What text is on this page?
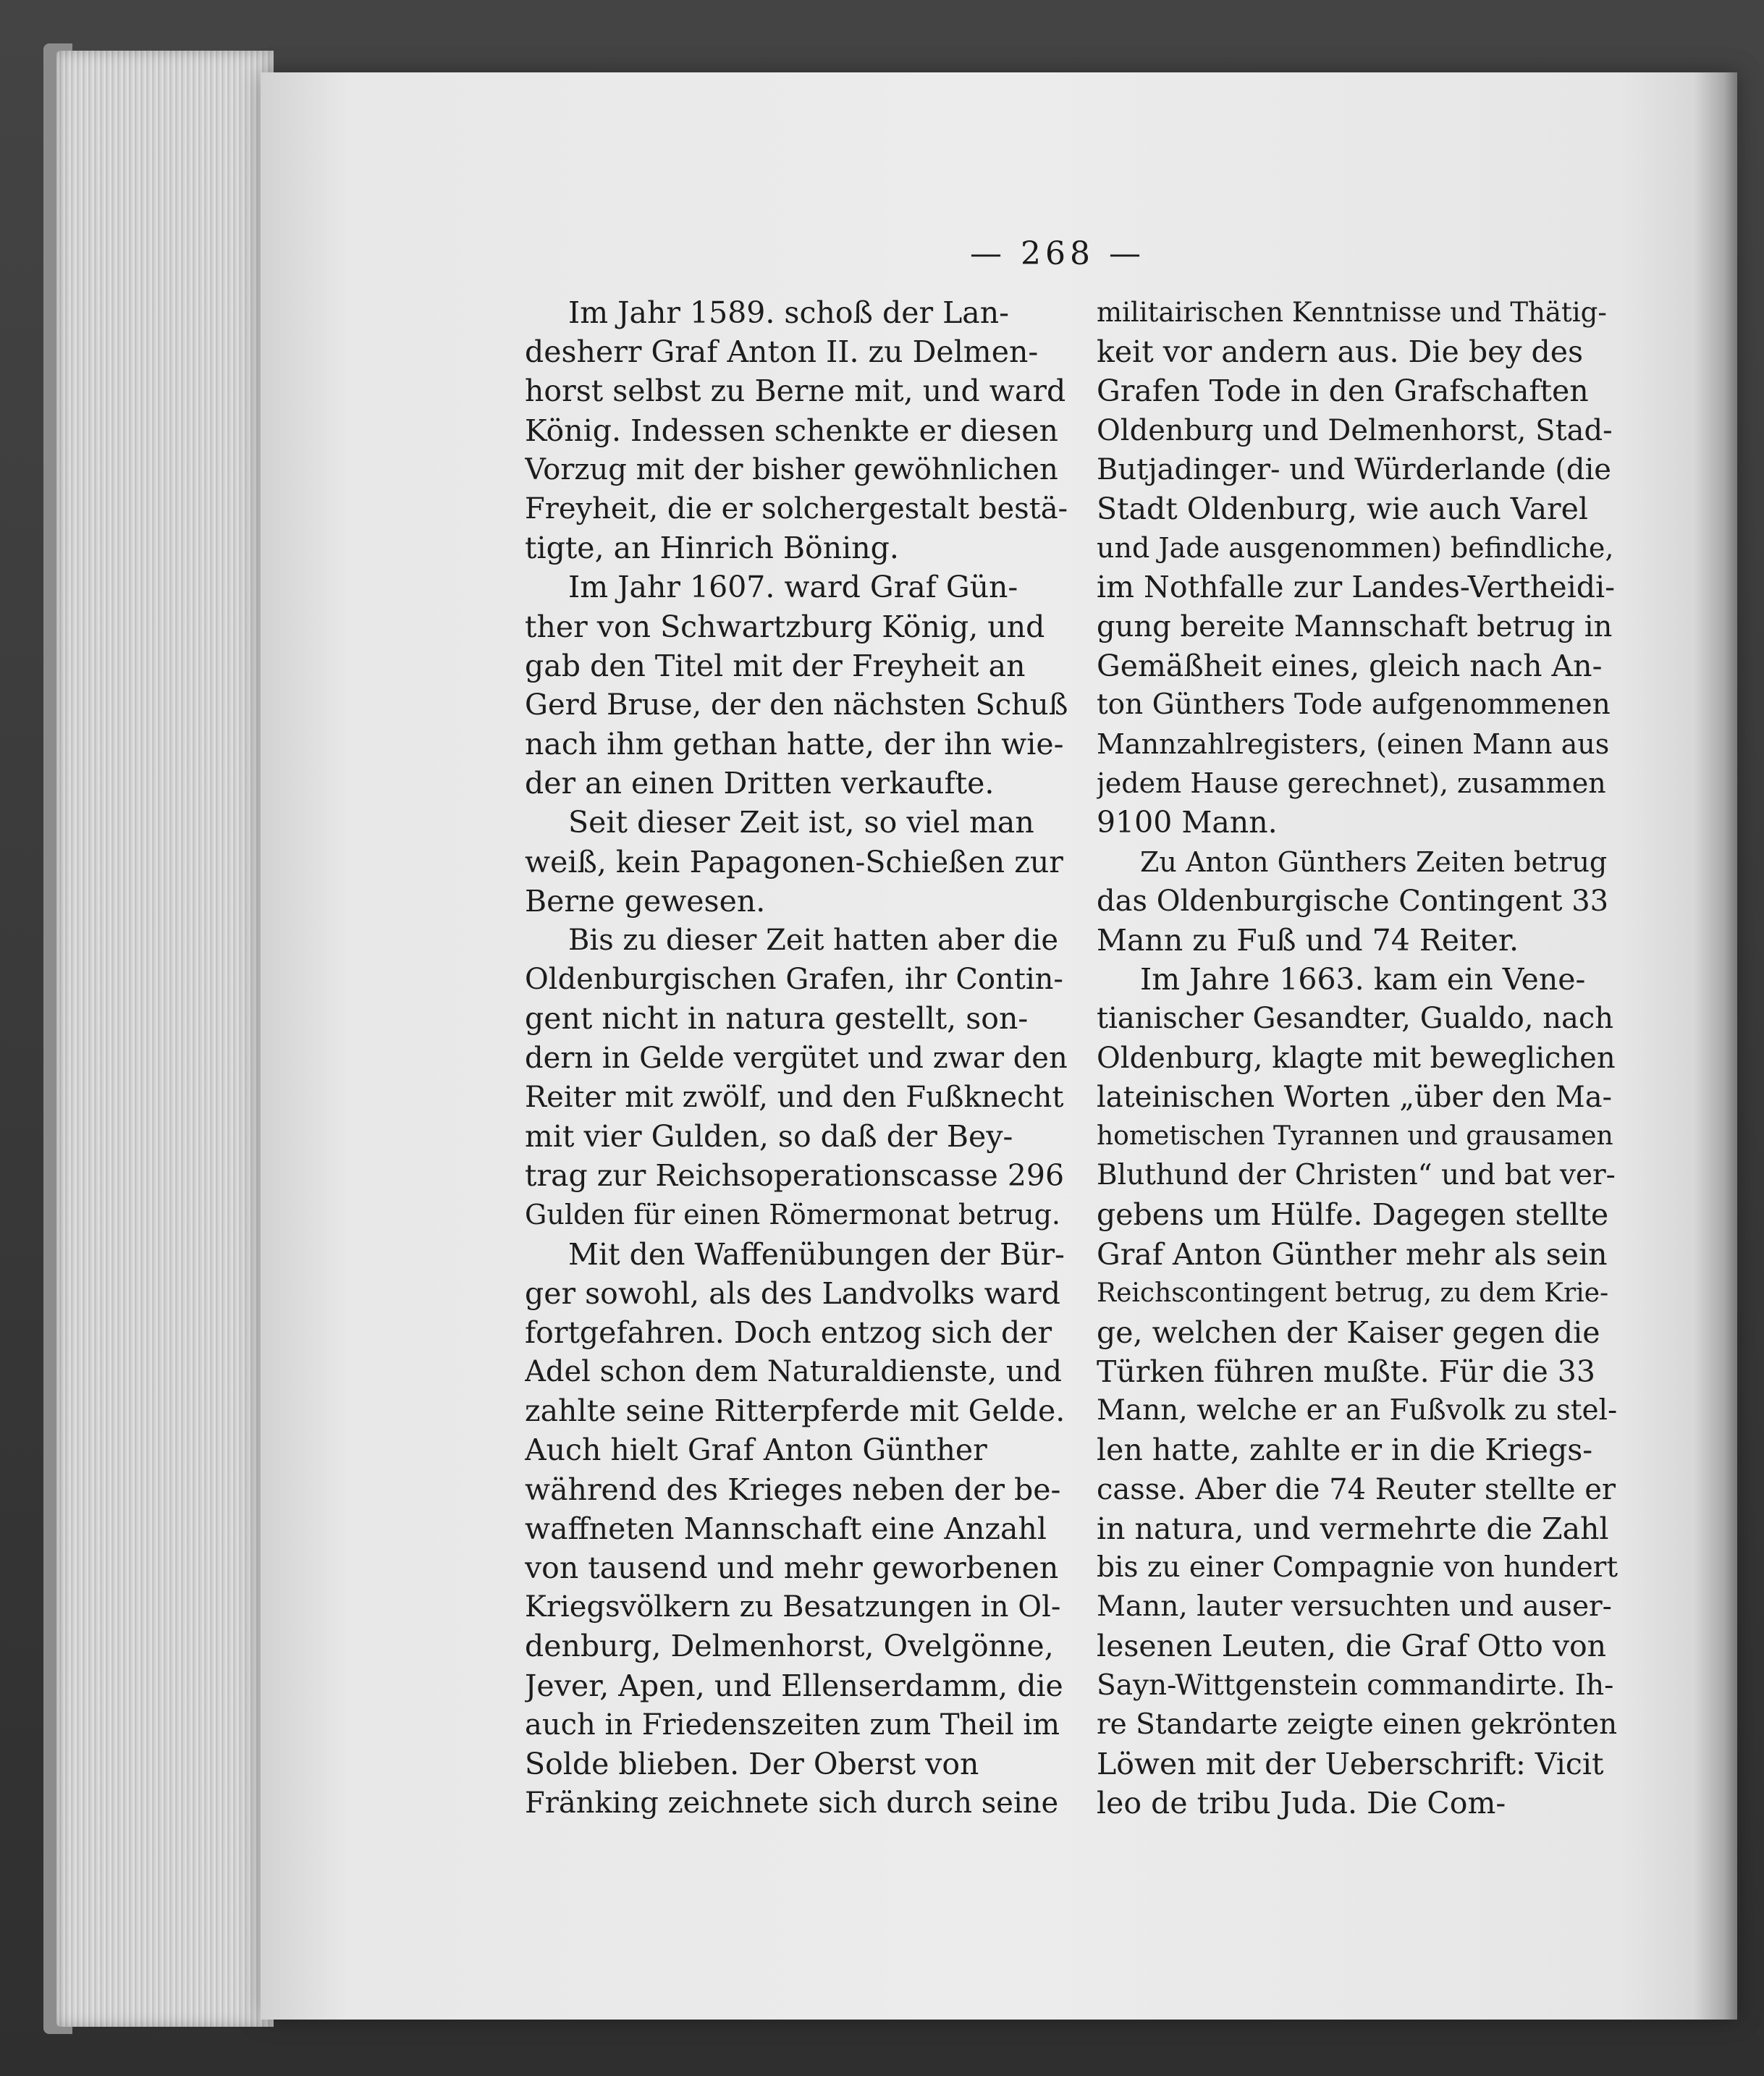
— 268 —
Im Jahr 1589. schoß der Lan-
desherr Graf Anton II. zu Delmen-
horst selbst zu Berne mit, und ward
König. Indessen schenkte er diesen
Vorzug mit der bisher gewöhnlichen
Freyheit, die er solchergestalt bestä-
tigte, an Hinrich Böning.
Im Jahr 1607. ward Graf Gün-
ther von Schwartzburg König, und
gab den Titel mit der Freyheit an
Gerd Bruse, der den nächsten Schuß
nach ihm gethan hatte, der ihn wie-
der an einen Dritten verkaufte.
Seit dieser Zeit ist, so viel man
weiß, kein Papagonen-Schießen zur
Berne gewesen.
Bis zu dieser Zeit hatten aber die
Oldenburgischen Grafen, ihr Contin-
gent nicht in natura gestellt, son-
dern in Gelde vergütet und zwar den
Reiter mit zwölf, und den Fußknecht
mit vier Gulden, so daß der Bey-
trag zur Reichsoperationscasse 296
Gulden für einen Römermonat betrug.
Mit den Waffenübungen der Bür-
ger sowohl, als des Landvolks ward
fortgefahren. Doch entzog sich der
Adel schon dem Naturaldienste, und
zahlte seine Ritterpferde mit Gelde.
Auch hielt Graf Anton Günther
während des Krieges neben der be-
waffneten Mannschaft eine Anzahl
von tausend und mehr geworbenen
Kriegsvölkern zu Besatzungen in Ol-
denburg, Delmenhorst, Ovelgönne,
Jever, Apen, und Ellenserdamm, die
auch in Friedenszeiten zum Theil im
Solde blieben. Der Oberst von
Fränking zeichnete sich durch seine
militairischen Kenntnisse und Thätig-
keit vor andern aus. Die bey des
Grafen Tode in den Grafschaften
Oldenburg und Delmenhorst, Stad-
Butjadinger- und Würderlande (die
Stadt Oldenburg, wie auch Varel
und Jade ausgenommen) befindliche,
im Nothfalle zur Landes-Vertheidi-
gung bereite Mannschaft betrug in
Gemäßheit eines, gleich nach An-
ton Günthers Tode aufgenommenen
Mannzahlregisters, (einen Mann aus
jedem Hause gerechnet), zusammen
9100 Mann.
Zu Anton Günthers Zeiten betrug
das Oldenburgische Contingent 33
Mann zu Fuß und 74 Reiter.
Im Jahre 1663. kam ein Vene-
tianischer Gesandter, Gualdo, nach
Oldenburg, klagte mit beweglichen
lateinischen Worten „über den Ma-
hometischen Tyrannen und grausamen
Bluthund der Christen“ und bat ver-
gebens um Hülfe. Dagegen stellte
Graf Anton Günther mehr als sein
Reichscontingent betrug, zu dem Krie-
ge, welchen der Kaiser gegen die
Türken führen mußte. Für die 33
Mann, welche er an Fußvolk zu stel-
len hatte, zahlte er in die Kriegs-
casse. Aber die 74 Reuter stellte er
in natura, und vermehrte die Zahl
bis zu einer Compagnie von hundert
Mann, lauter versuchten und auser-
lesenen Leuten, die Graf Otto von
Sayn-Wittgenstein commandirte. Ih-
re Standarte zeigte einen gekrönten
Löwen mit der Ueberschrift: Vicit
leo de tribu Juda. Die Com-
